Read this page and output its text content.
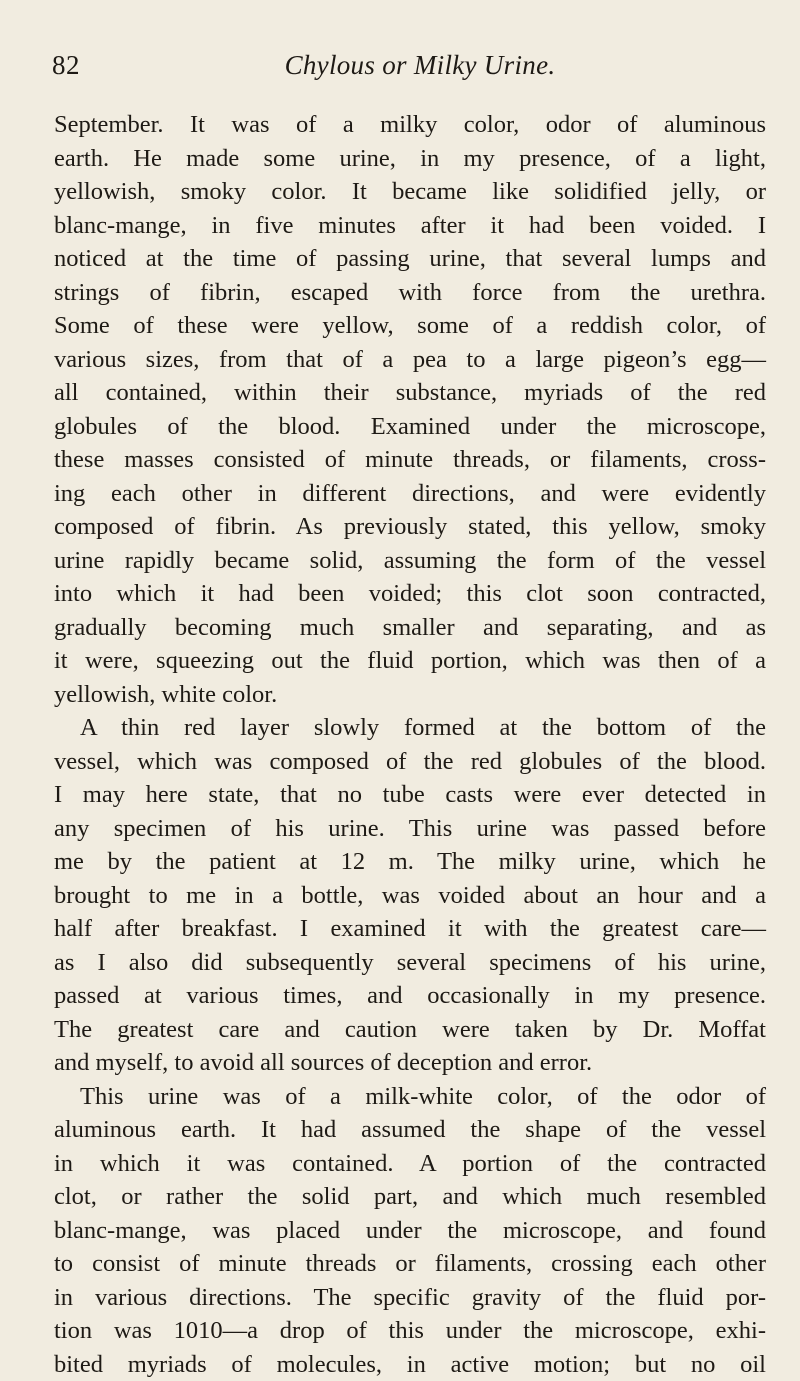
82	Chylous or Milky Urine.
September. It was of a milky color, odor of aluminous
earth. He made some urine, in my presence, of a light,
yellowish, smoky color. It became like solidified jelly, or
blanc-mange, in five minutes after it had been voided. I
noticed at the time of passing urine, that several lumps and
strings of fibrin, escaped with force from the urethra.
Some of these were yellow, some of a reddish color, of
various sizes, from that of a pea to a large pigeon’s egg—
all contained, within their substance, myriads of the red
globules of the blood. Examined under the microscope,
these masses consisted of minute threads, or filaments, cross-
ing each other in different directions, and were evidently
composed of fibrin. As previously stated, this yellow, smoky
urine rapidly became solid, assuming the form of the vessel
into which it had been voided; this clot soon contracted,
gradually becoming much smaller and separating, and as
it were, squeezing out the fluid portion, which was then of a
yellowish, white color.
A thin red layer slowly formed at the bottom of the
vessel, which was composed of the red globules of the blood.
I may here state, that no tube casts were ever detected in
any specimen of his urine. This urine was passed before
me by the patient at 12 m. The milky urine, which he
brought to me in a bottle, was voided about an hour and a
half after breakfast. I examined it with the greatest care—
as I also did subsequently several specimens of his urine,
passed at various times, and occasionally in my presence.
The greatest care and caution were taken by Dr. Moffat
and myself, to avoid all sources of deception and error.
This urine was of a milk-white color, of the odor of
aluminous earth. It had assumed the shape of the vessel
in which it was contained. A portion of the contracted
clot, or rather the solid part, and which much resembled
blanc-mange, was placed under the microscope, and found
to consist of minute threads or filaments, crossing each other
in various directions. The specific gravity of the fluid por-
tion was 1010—a drop of this under the microscope, exhi-
bited myriads of molecules, in active motion; but no oil
